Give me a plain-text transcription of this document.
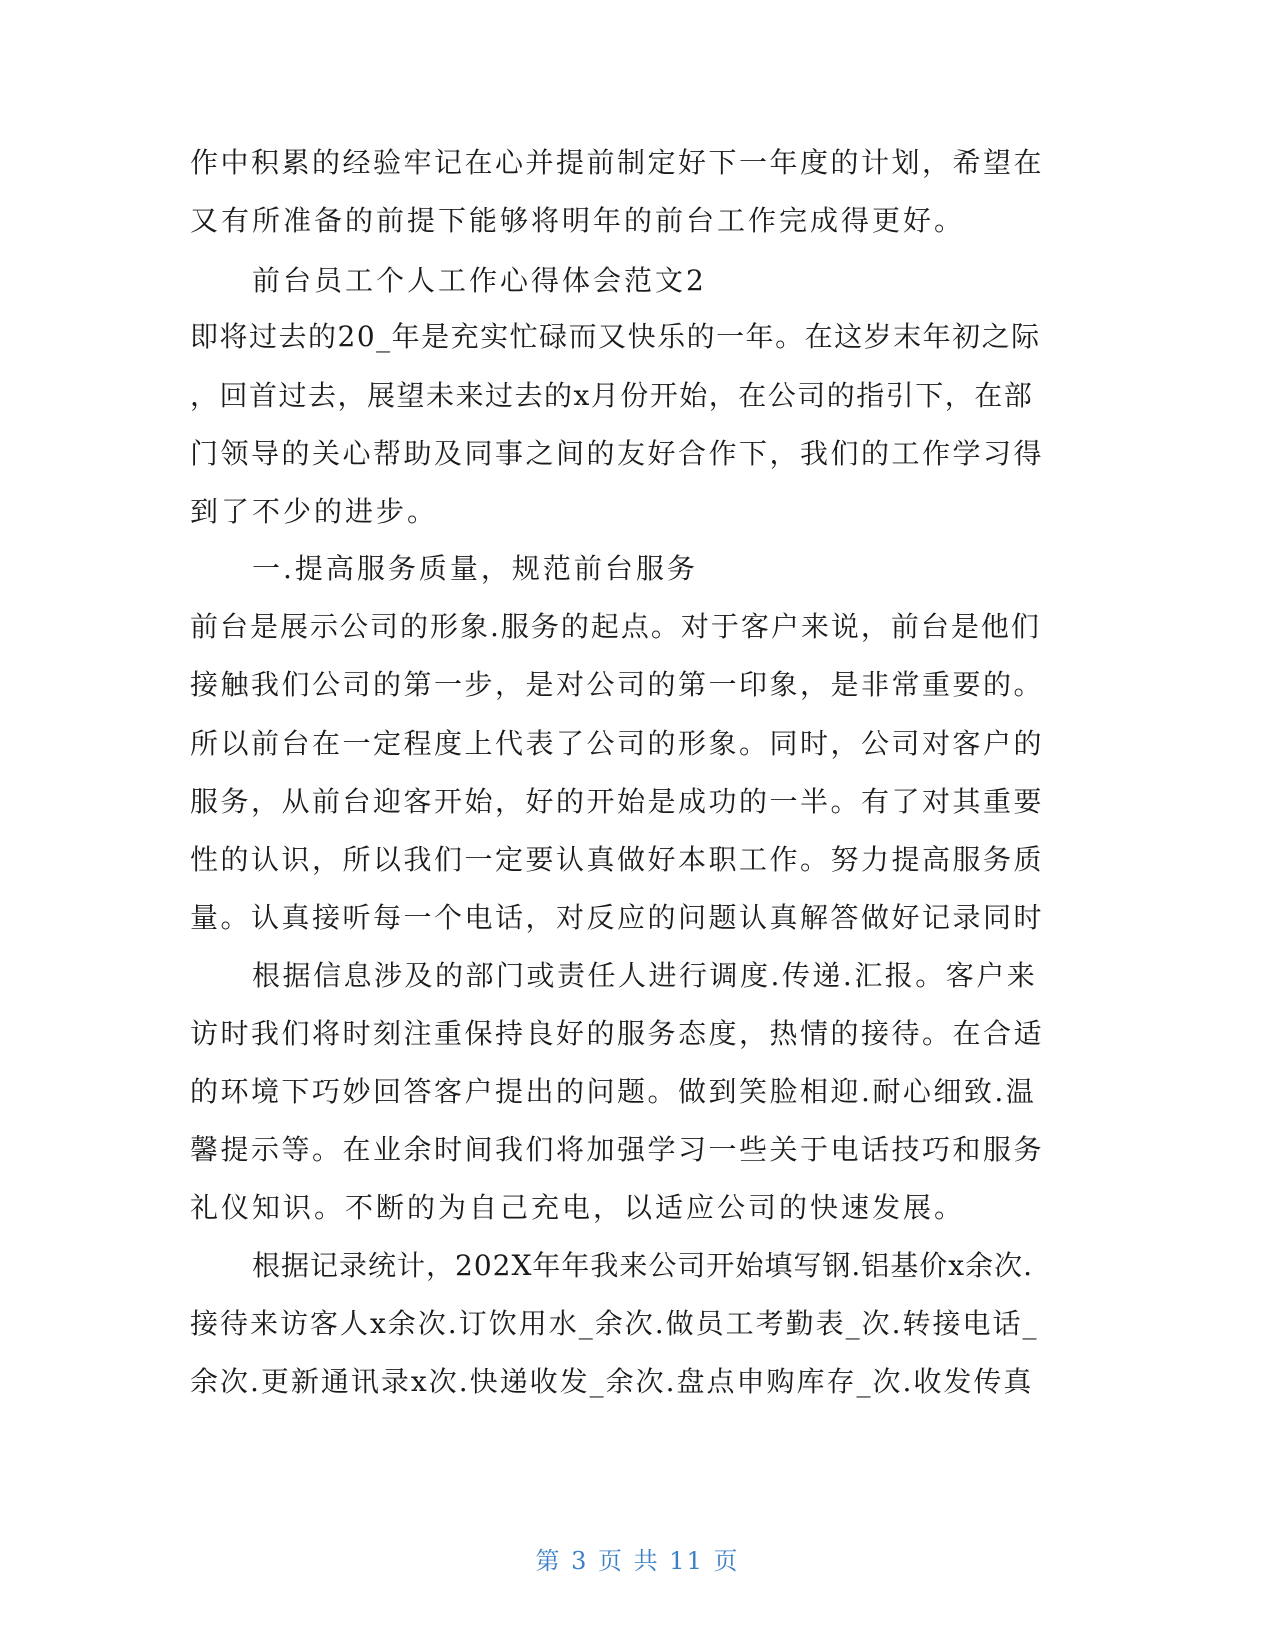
作中积累的经验牢记在心并提前制定好下一年度的计划，希望在
又有所准备的前提下能够将明年的前台工作完成得更好。
前台员工个人工作心得体会范文2
即将过去的20_年是充实忙碌而又快乐的一年。在这岁末年初之际
，回首过去，展望未来过去的x月份开始，在公司的指引下，在部
门领导的关心帮助及同事之间的友好合作下，我们的工作学习得
到了不少的进步。
一.提高服务质量，规范前台服务
前台是展示公司的形象.服务的起点。对于客户来说，前台是他们
接触我们公司的第一步，是对公司的第一印象，是非常重要的。
所以前台在一定程度上代表了公司的形象。同时，公司对客户的
服务，从前台迎客开始，好的开始是成功的一半。有了对其重要
性的认识，所以我们一定要认真做好本职工作。努力提高服务质
量。认真接听每一个电话，对反应的问题认真解答做好记录同时
根据信息涉及的部门或责任人进行调度.传递.汇报。客户来
访时我们将时刻注重保持良好的服务态度，热情的接待。在合适
的环境下巧妙回答客户提出的问题。做到笑脸相迎.耐心细致.温
馨提示等。在业余时间我们将加强学习一些关于电话技巧和服务
礼仪知识。不断的为自己充电，以适应公司的快速发展。
根据记录统计，202X年年我来公司开始填写钢.铝基价x余次.
接待来访客人x余次.订饮用水_余次.做员工考勤表_次.转接电话_
余次.更新通讯录x次.快递收发_余次.盘点申购库存_次.收发传真
第 3 页 共 11 页
